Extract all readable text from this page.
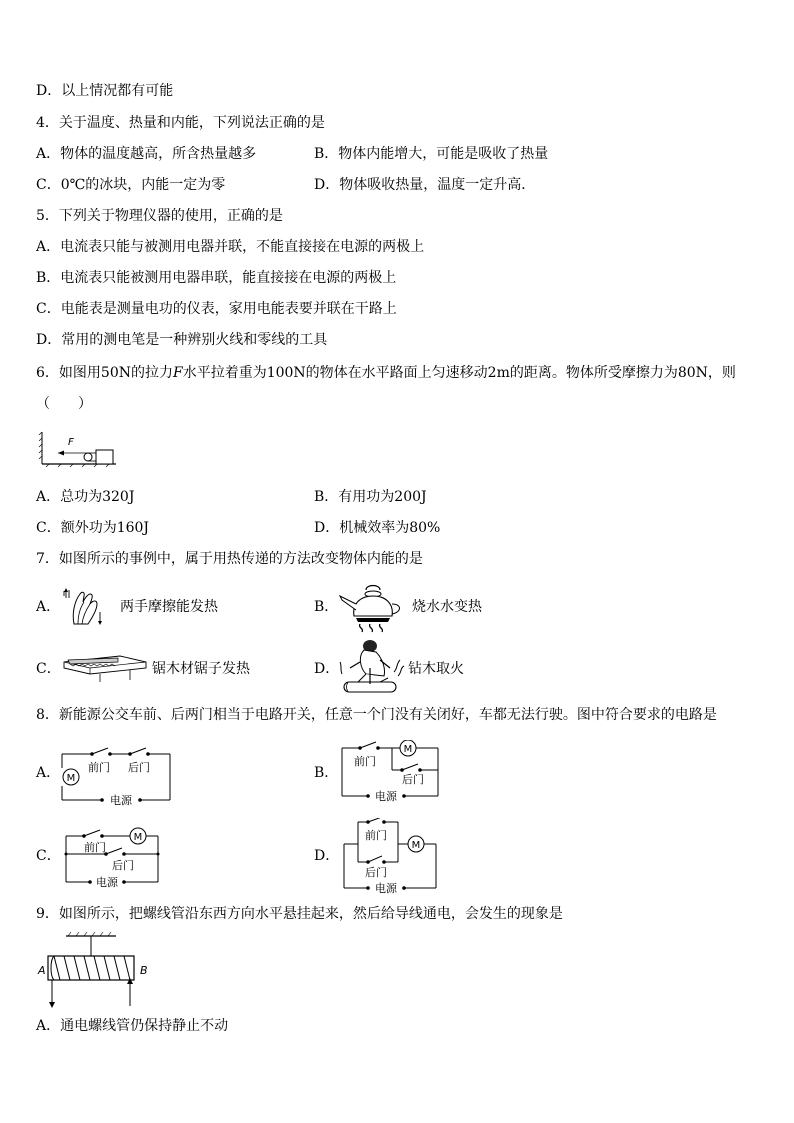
D．以上情况都有可能
4．关于温度、热量和内能，下列说法正确的是
A．物体的温度越高，所含热量越多	B．物体内能增大，可能是吸收了热量
C．0℃的冰块，内能一定为零	D．物体吸收热量，温度一定升高．
5．下列关于物理仪器的使用，正确的是
A．电流表只能与被测用电器并联，不能直接接在电源的两极上
B．电流表只能被测用电器串联，能直接接在电源的两极上
C．电能表是测量电功的仪表，家用电能表要并联在干路上
D．常用的测电笔是一种辨别火线和零线的工具
6．如图用50N的拉力F水平拉着重为100N的物体在水平路面上匀速移动2m的距离。物体所受摩擦力为80N，则
（　　）
F
A．总功为320J	B．有用功为200J
C．额外功为160J	D．机械效率为80%
7．如图所示的事例中，属于用热传递的方法改变物体内能的是
A．	两手摩擦能发热	B．	烧水水变热
C．	锯木材锯子发热	D．	钻木取火
8．新能源公交车前、后两门相当于电路开关，任意一个门没有关闭好，车都无法行驶。图中符合要求的电路是
A． M
前门 后门
电源
B．
M
前门
后门
电源
C．
M
前门
后门
电源
D．
M
前门
后门
电源
9．如图所示，把螺线管沿东西方向水平悬挂起来，然后给导线通电，会发生的现象是
A	B
A．通电螺线管仍保持静止不动
